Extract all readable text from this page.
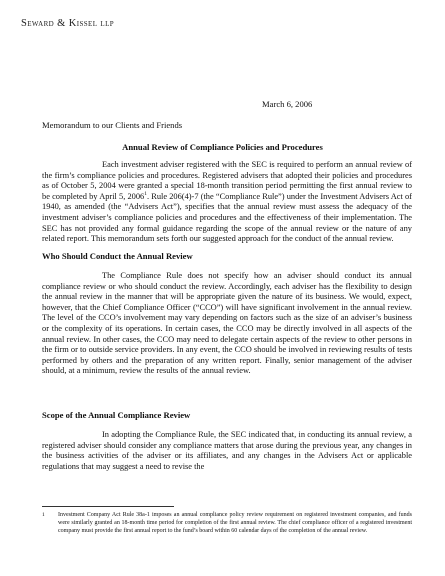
Seward & Kissel llp
March 6, 2006
Memorandum to our Clients and Friends
Annual Review of Compliance Policies and Procedures

Each investment adviser registered with the SEC is required to perform an annual review of the firm’s compliance policies and procedures. Registered advisers that adopted their policies and procedures as of October 5, 2004 were granted a special 18-month transition period permitting the first annual review to be completed by April 5, 2006$^1$. Rule 206(4)-7 (the “Compliance Rule”) under the Investment Advisers Act of 1940, as amended (the “Advisers Act”), specifies that the annual review must assess the adequacy of the investment adviser’s compliance policies and procedures and the effectiveness of their implementation. The SEC has not provided any formal guidance regarding the scope of the annual review or the nature of any related report. This memorandum sets forth our suggested approach for the conduct of the annual review.

Who Should Conduct the Annual Review

The Compliance Rule does not specify how an adviser should conduct its annual compliance review or who should conduct the review. Accordingly, each adviser has the flexibility to design the annual review in the manner that will be appropriate given the nature of its business. We would, expect, however, that the Chief Compliance Officer (“CCO”) will have significant involvement in the annual review. The level of the CCO’s involvement may vary depending on factors such as the size of an adviser’s business or the complexity of its operations. In certain cases, the CCO may be directly involved in all aspects of the annual review. In other cases, the CCO may need to delegate certain aspects of the review to other persons in the firm or to outside service providers. In any event, the CCO should be involved in reviewing results of tests performed by others and the preparation of any written report. Finally, senior management of the adviser should, at a minimum, review the results of the annual review.

Scope of the Annual Compliance Review

In adopting the Compliance Rule, the SEC indicated that, in conducting its annual review, a registered adviser should consider any compliance matters that arose during the previous year, any changes in the business activities of the adviser or its affiliates, and any changes in the Advisers Act or applicable regulations that may suggest a need to revise the

1	Investment Company Act Rule 38a-1 imposes an annual compliance policy review requirement on registered investment companies, and funds were similarly granted an 18-month time period for completion of the first annual review. The chief compliance officer of a registered investment company must provide the first annual report to the fund’s board within 60 calendar days of the completion of the annual review.
